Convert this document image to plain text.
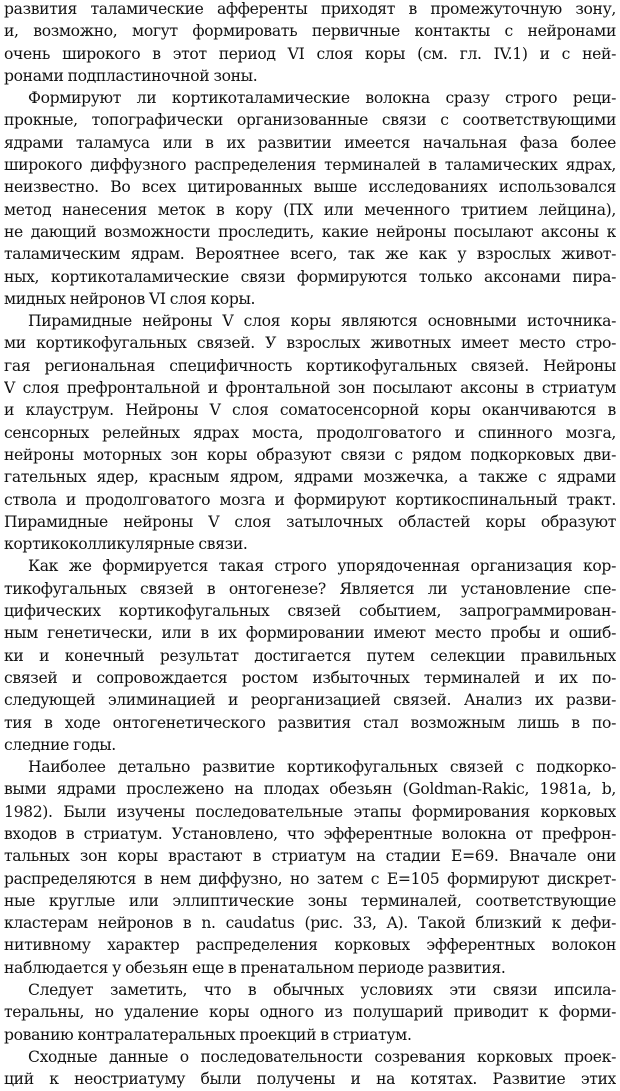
развития таламические афференты приходят в промежуточную зону,
и, возможно, могут формировать первичные контакты с нейронами
очень широкого в этот период VI слоя коры (см. гл. IV.1) и с ней-
ронами подпластиночной зоны.
Формируют ли кортикоталамические волокна сразу строго реци-
прокные, топографически организованные связи с соответствующими
ядрами таламуса или в их развитии имеется начальная фаза более
широкого диффузного распределения терминалей в таламических ядрах,
неизвестно. Во всех цитированных выше исследованиях использовался
метод нанесения меток в кору (ПХ или меченного тритием лейцина),
не дающий возможности проследить, какие нейроны посылают аксоны к
таламическим ядрам. Вероятнее всего, так же как у взрослых живот-
ных, кортикоталамические связи формируются только аксонами пира-
мидных нейронов VI слоя коры.
Пирамидные нейроны V слоя коры являются основными источника-
ми кортикофугальных связей. У взрослых животных имеет место стро-
гая региональная специфичность кортикофугальных связей. Нейроны
V слоя префронтальной и фронтальной зон посылают аксоны в стриатум
и клауструм. Нейроны V слоя соматосенсорной коры оканчиваются в
сенсорных релейных ядрах моста, продолговатого и спинного мозга,
нейроны моторных зон коры образуют связи с рядом подкорковых дви-
гательных ядер, красным ядром, ядрами мозжечка, а также с ядрами
ствола и продолговатого мозга и формируют кортикоспинальный тракт.
Пирамидные нейроны V слоя затылочных областей коры образуют
кортикоколликулярные связи.
Как же формируется такая строго упорядоченная организация кор-
тикофугальных связей в онтогенезе? Является ли установление спе-
цифических кортикофугальных связей событием, запрограммирован-
ным генетически, или в их формировании имеют место пробы и ошиб-
ки и конечный результат достигается путем селекции правильных
связей и сопровождается ростом избыточных терминалей и их по-
следующей элиминацией и реорганизацией связей. Анализ их разви-
тия в ходе онтогенетического развития стал возможным лишь в по-
следние годы.
Наиболее детально развитие кортикофугальных связей с подкорко-
выми ядрами прослежено на плодах обезьян (Goldman-Rakic, 1981a, b,
1982). Были изучены последовательные этапы формирования корковых
входов в стриатум. Установлено, что эфферентные волокна от префрон-
тальных зон коры врастают в стриатум на стадии E=69. Вначале они
распределяются в нем диффузно, но затем с E=105 формируют дискрет-
ные круглые или эллиптические зоны терминалей, соответствующие
кластерам нейронов в n. caudatus (рис. 33, A). Такой близкий к дефи-
нитивному характер распределения корковых эфферентных волокон
наблюдается у обезьян еще в пренатальном периоде развития.
Следует заметить, что в обычных условиях эти связи ипсила-
теральны, но удаление коры одного из полушарий приводит к форми-
рованию контралатеральных проекций в стриатум.
Сходные данные о последовательности созревания корковых проек-
ций к неостриатуму были получены и на котятах. Развитие этих
